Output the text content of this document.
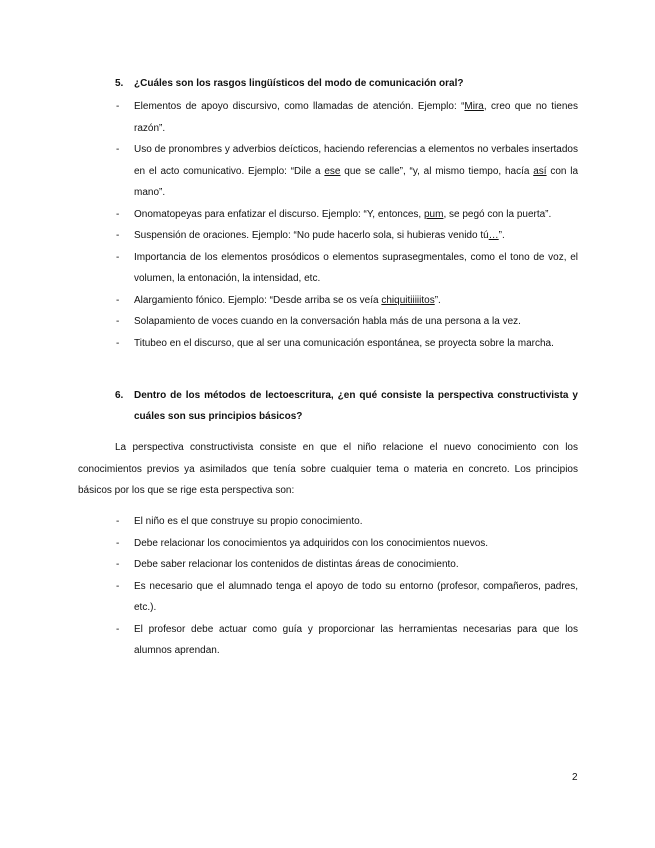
5. ¿Cuáles son los rasgos lingüísticos del modo de comunicación oral?
- Elementos de apoyo discursivo, como llamadas de atención. Ejemplo: “Mira, creo que no tienes razón”.
- Uso de pronombres y adverbios deícticos, haciendo referencias a elementos no verbales insertados en el acto comunicativo. Ejemplo: “Dile a ese que se calle”, “y, al mismo tiempo, hacía así con la mano”.
- Onomatopeyas para enfatizar el discurso. Ejemplo: “Y, entonces, pum, se pegó con la puerta”.
- Suspensión de oraciones. Ejemplo: “No pude hacerlo sola, si hubieras venido tú…”.
- Importancia de los elementos prosódicos o elementos suprasegmentales, como el tono de voz, el volumen, la entonación, la intensidad, etc.
- Alargamiento fónico. Ejemplo: “Desde arriba se os veía chiquitiiiiitos”.
- Solapamiento de voces cuando en la conversación habla más de una persona a la vez.
- Titubeo en el discurso, que al ser una comunicación espontánea, se proyecta sobre la marcha.
6. Dentro de los métodos de lectoescritura, ¿en qué consiste la perspectiva constructivista y cuáles son sus principios básicos?

La perspectiva constructivista consiste en que el niño relacione el nuevo conocimiento con los conocimientos previos ya asimilados que tenía sobre cualquier tema o materia en concreto. Los principios básicos por los que se rige esta perspectiva son:

- El niño es el que construye su propio conocimiento.
- Debe relacionar los conocimientos ya adquiridos con los conocimientos nuevos.
- Debe saber relacionar los contenidos de distintas áreas de conocimiento.
- Es necesario que el alumnado tenga el apoyo de todo su entorno (profesor, compañeros, padres, etc.).
- El profesor debe actuar como guía y proporcionar las herramientas necesarias para que los alumnos aprendan.
2
